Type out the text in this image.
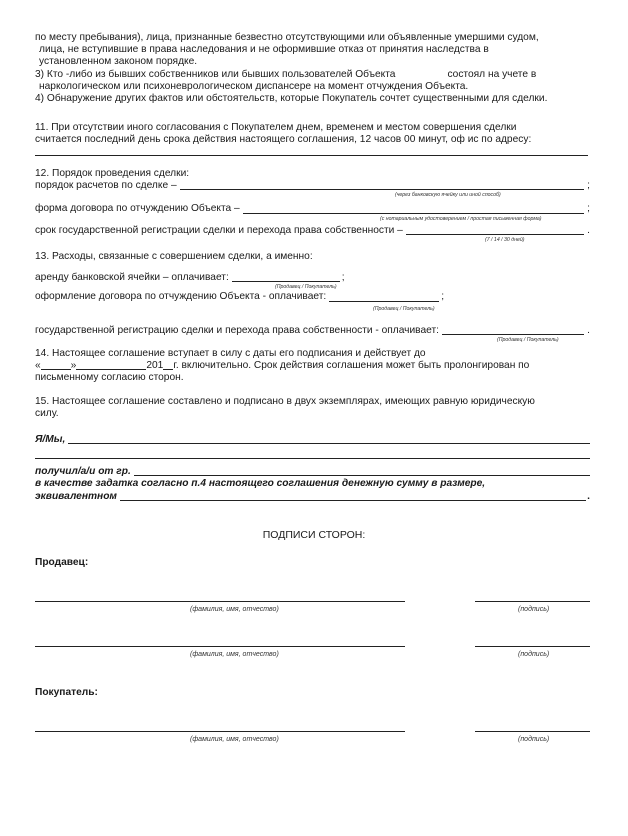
по месту пребывания), лица, признанные безвестно отсутствующими или объявленные умершими судом,

лица, не вступившие в права наследования и не оформившие отказ от принятия наследства в

установленном законом порядке.

3) Кто -либо из бывших собственников или бывших пользователей Объекта	состоял на учете в

наркологическом или психоневрологическом диспансере на момент отчуждения Объекта.

4) Обнаружение других фактов или обстоятельств, которые Покупатель сочтет существенными для сделки.

11. При отсутствии иного согласования с Покупателем днем, временем и местом совершения сделки

считается последний день срока действия настоящего соглашения, 12 часов 00 минут, оф ис по адресу:

12. Порядок проведения сделки:

порядок расчетов по сделке –	;
(через банковскую ячейку или иной способ)
форма договора по отчуждению Объекта –	;
(с нотариальным удостоверением / простая письменная форма)
срок государственной регистрации сделки и перехода права собственности –	.
(7 / 14 / 30 дней)

13. Расходы, связанные с совершением сделки, а именно:

аренду банковской ячейки – оплачивает:	;
(Продавец / Покупатель)
оформление договора по отчуждению Объекта - оплачивает:	;
(Продавец / Покупатель)
государственной регистрацию сделки и перехода права собственности - оплачивает:	.
(Продавец / Покупатель)

14. Настоящее соглашение вступает в силу с даты его подписания и действует до

«	»	201 г. включительно. Срок действия соглашения может быть пролонгирован по

письменному согласию сторон.

15. Настоящее соглашение составлено и подписано в двух экземплярах, имеющих равную юридическую

силу.

Я/Мы,
получил/а/и от гр.

в качестве задатка согласно п.4 настоящего соглашения денежную сумму в размере,

эквивалентном	.
ПОДПИСИ СТОРОН:
Продавец:
(фамилия, имя, отчество)	(подпись)
(фамилия, имя, отчество)	(подпись)
Покупатель:
(фамилия, имя, отчество)	(подпись)
